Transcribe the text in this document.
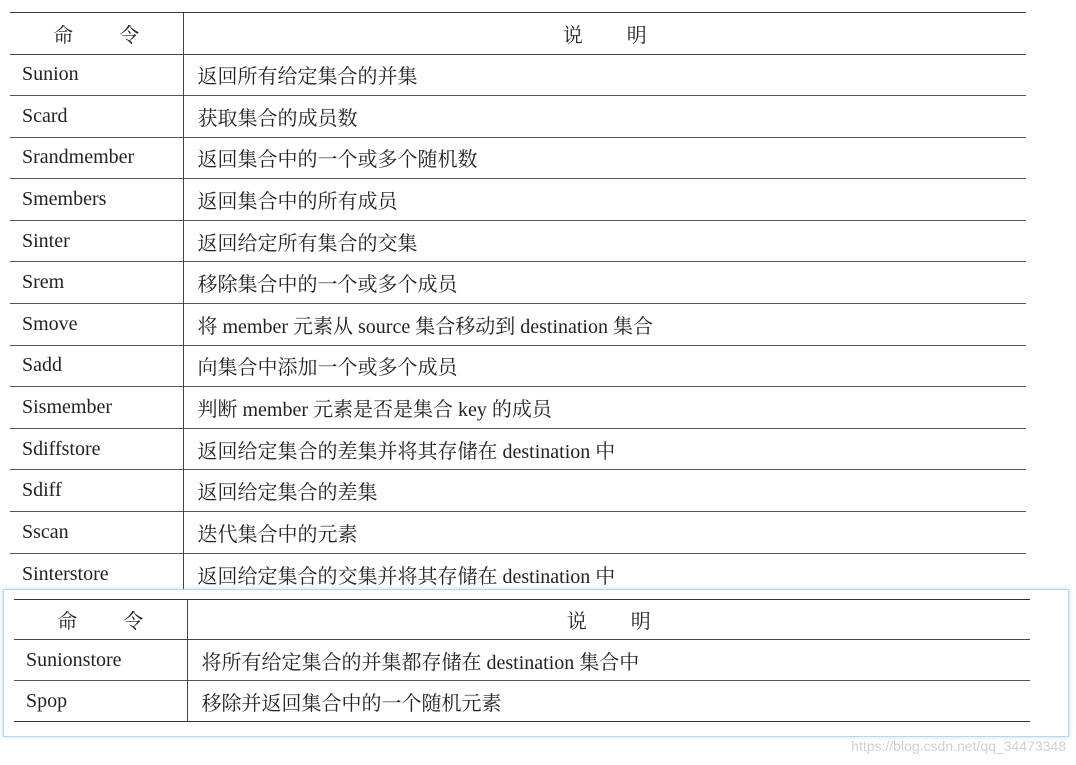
命 令	说 明
Sunion	返回所有给定集合的并集
Scard	获取集合的成员数
Srandmember	返回集合中的一个或多个随机数
Smembers	返回集合中的所有成员
Sinter	返回给定所有集合的交集
Srem	移除集合中的一个或多个成员
Smove	将 member 元素从 source 集合移动到 destination 集合
Sadd	向集合中添加一个或多个成员
Sismember	判断 member 元素是否是集合 key 的成员
Sdiffstore	返回给定集合的差集并将其存储在 destination 中
Sdiff	返回给定集合的差集
Sscan	迭代集合中的元素
Sinterstore	返回给定集合的交集并将其存储在 destination 中
命 令	说 明
Sunionstore	将所有给定集合的并集都存储在 destination 集合中
Spop	移除并返回集合中的一个随机元素
https://blog.csdn.net/qq_34473348
